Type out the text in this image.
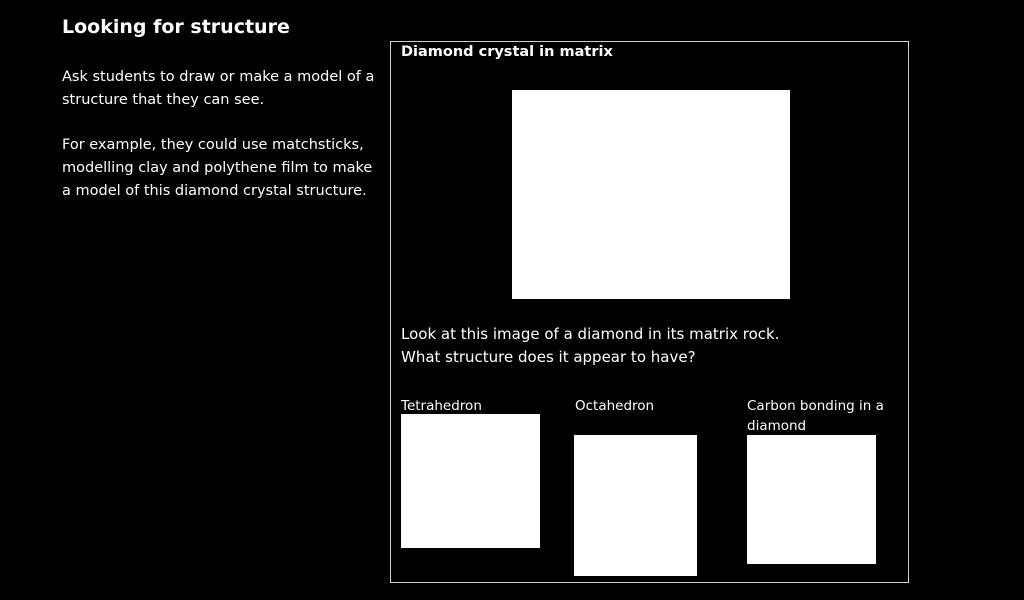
Looking for structure
Ask students to draw or make a model of a structure that they can see.
For example, they could use matchsticks, modelling clay and polythene film to make a model of this diamond crystal structure.
Diamond crystal in matrix
Look at this image of a diamond in its matrix rock.
What structure does it appear to have?
Tetrahedron	Octahedron	Carbon bonding in a diamond
